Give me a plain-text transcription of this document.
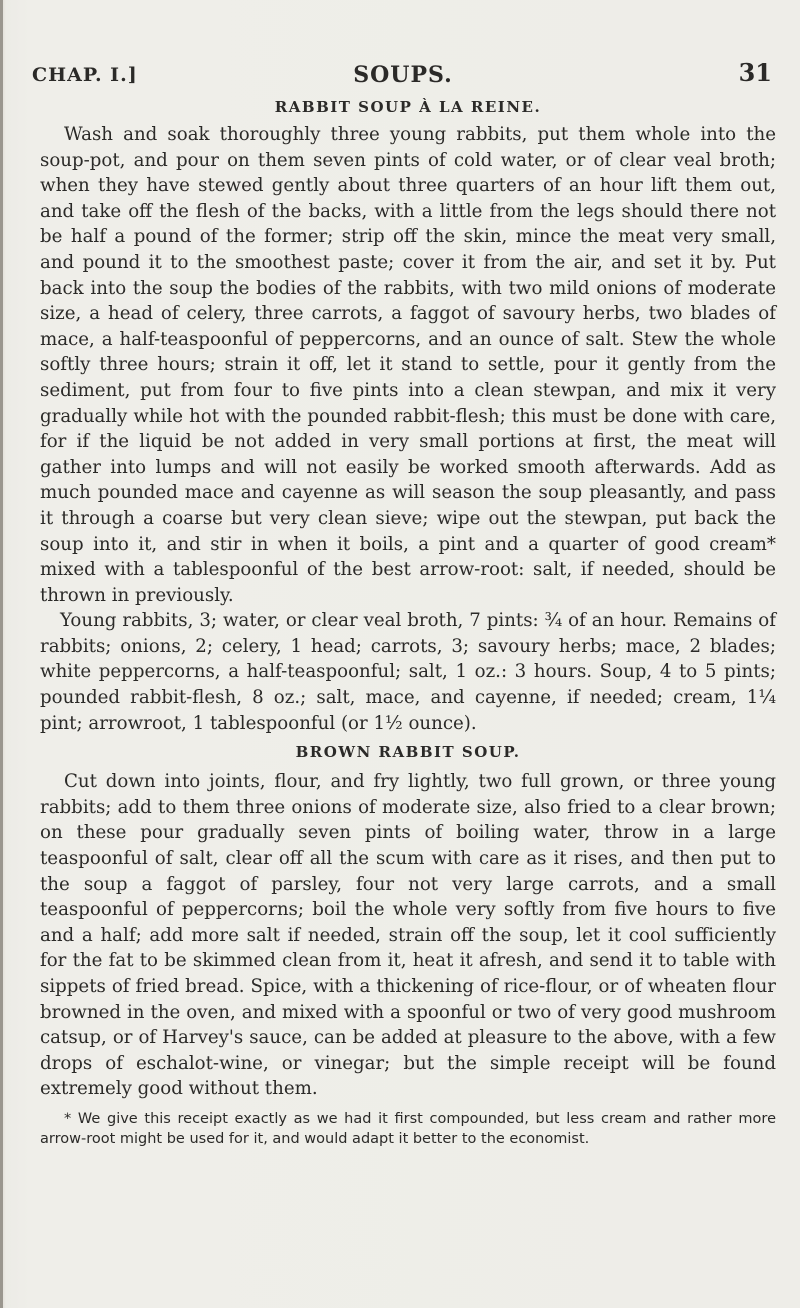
CHAP. I.]	SOUPS.	31
RABBIT SOUP À LA REINE.

Wash and soak thoroughly three young rabbits, put them whole into the soup-pot, and pour on them seven pints of cold water, or of clear veal broth; when they have stewed gently about three quarters of an hour lift them out, and take off the flesh of the backs, with a little from the legs should there not be half a pound of the former; strip off the skin, mince the meat very small, and pound it to the smoothest paste; cover it from the air, and set it by. Put back into the soup the bodies of the rabbits, with two mild onions of moderate size, a head of celery, three carrots, a faggot of savoury herbs, two blades of mace, a half-teaspoonful of peppercorns, and an ounce of salt. Stew the whole softly three hours; strain it off, let it stand to settle, pour it gently from the sediment, put from four to five pints into a clean stewpan, and mix it very gradually while hot with the pounded rabbit-flesh; this must be done with care, for if the liquid be not added in very small portions at first, the meat will gather into lumps and will not easily be worked smooth afterwards. Add as much pounded mace and cayenne as will season the soup pleasantly, and pass it through a coarse but very clean sieve; wipe out the stewpan, put back the soup into it, and stir in when it boils, a pint and a quarter of good cream* mixed with a tablespoonful of the best arrow-root: salt, if needed, should be thrown in previously.

Young rabbits, 3; water, or clear veal broth, 7 pints: ¾ of an hour. Remains of rabbits; onions, 2; celery, 1 head; carrots, 3; savoury herbs; mace, 2 blades; white peppercorns, a half-teaspoonful; salt, 1 oz.: 3 hours. Soup, 4 to 5 pints; pounded rabbit-flesh, 8 oz.; salt, mace, and cayenne, if needed; cream, 1¼ pint; arrowroot, 1 tablespoonful (or 1½ ounce).

BROWN RABBIT SOUP.

Cut down into joints, flour, and fry lightly, two full grown, or three young rabbits; add to them three onions of moderate size, also fried to a clear brown; on these pour gradually seven pints of boiling water, throw in a large teaspoonful of salt, clear off all the scum with care as it rises, and then put to the soup a faggot of parsley, four not very large carrots, and a small teaspoonful of peppercorns; boil the whole very softly from five hours to five and a half; add more salt if needed, strain off the soup, let it cool sufficiently for the fat to be skimmed clean from it, heat it afresh, and send it to table with sippets of fried bread. Spice, with a thickening of rice-flour, or of wheaten flour browned in the oven, and mixed with a spoonful or two of very good mushroom catsup, or of Harvey's sauce, can be added at pleasure to the above, with a few drops of eschalot-wine, or vinegar; but the simple receipt will be found extremely good without them.

* We give this receipt exactly as we had it first compounded, but less cream and rather more arrow-root might be used for it, and would adapt it better to the economist.
